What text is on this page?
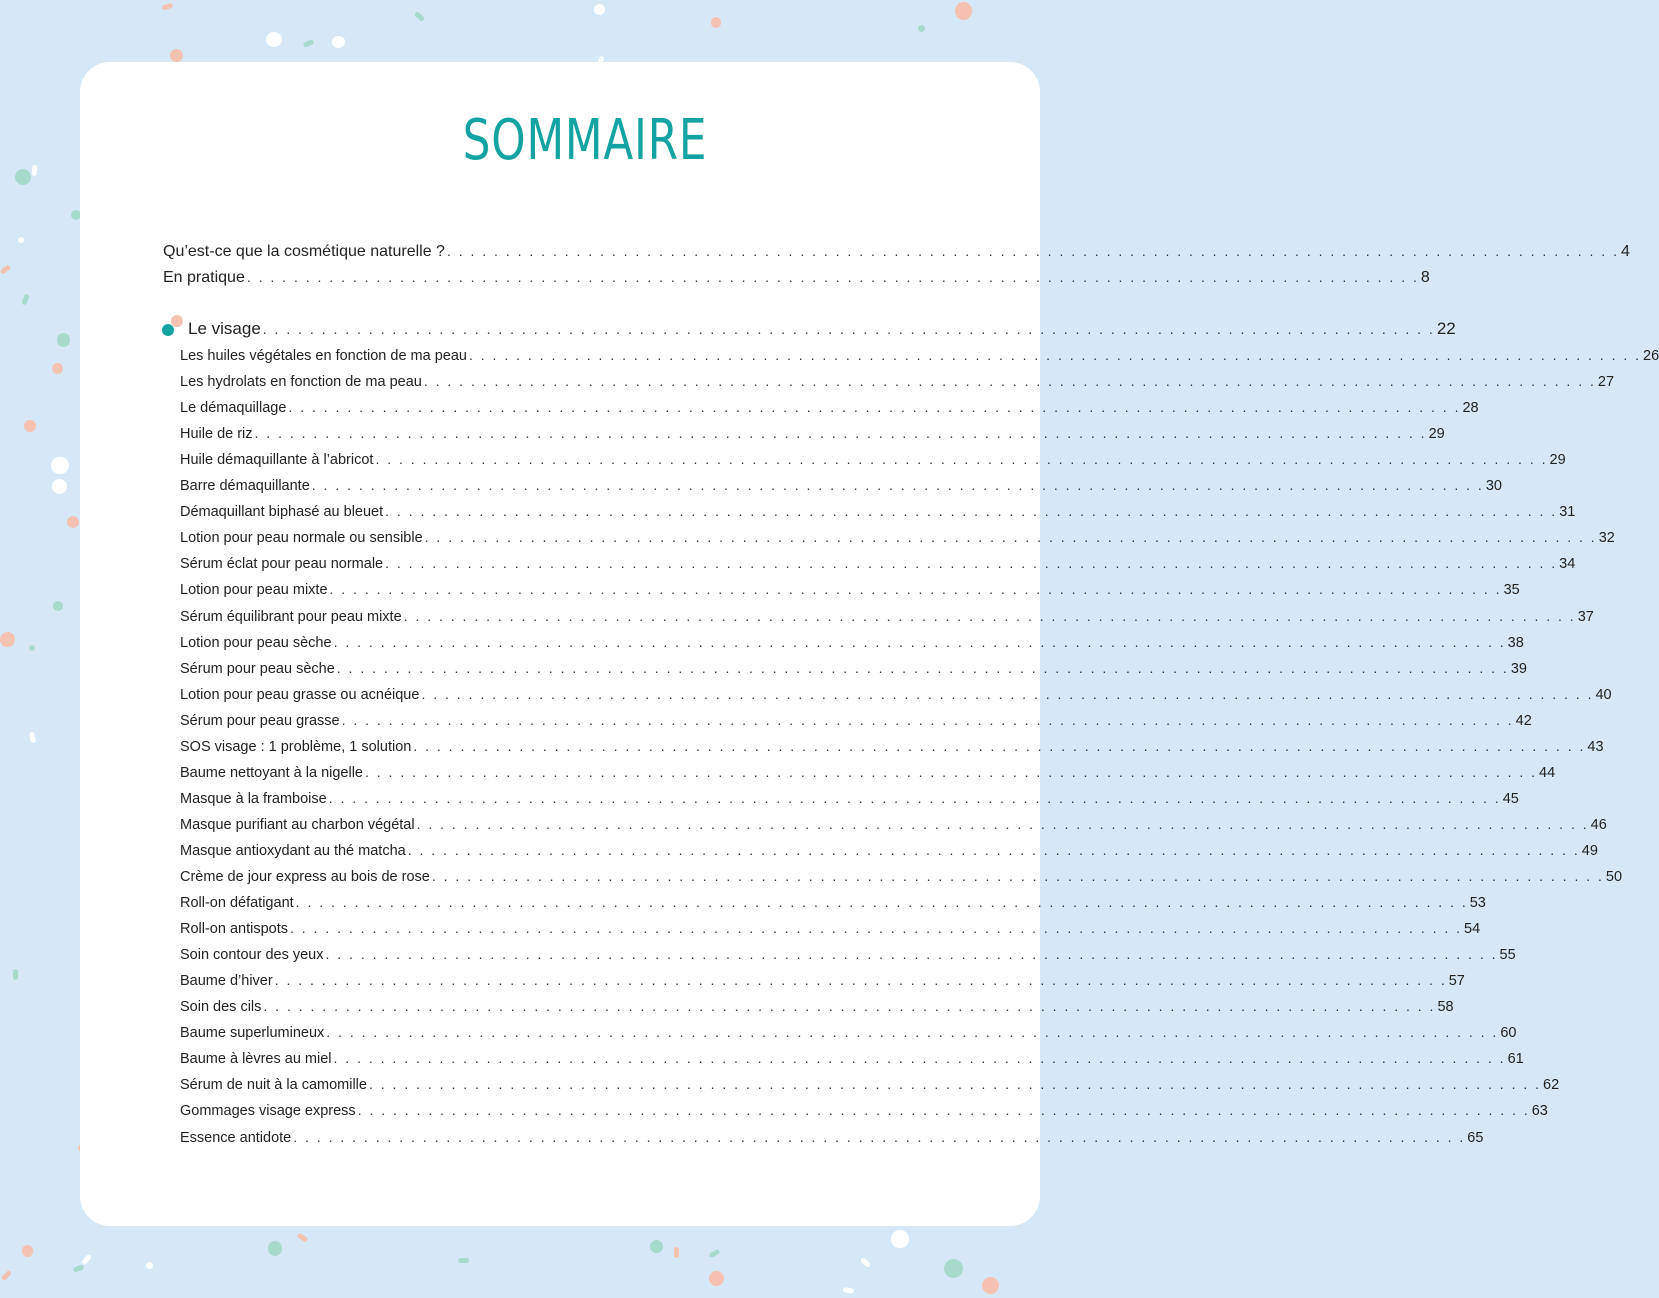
SOMMAIRE
Qu’est-ce que la cosmétique naturelle ? . . . . . . . . . . . . . . . . . . . . . . . . . . . . . . . . . . . . . . . . . . . . . . . . . . . . . . . . . . . . . . . . . . . . . . . . . . . . . . . . . . . . . . . . . . . . . . . . . . . . 4
En pratique . . . . . . . . . . . . . . . . . . . . . . . . . . . . . . . . . . . . . . . . . . . . . . . . . . . . . . . . . . . . . . . . . . . . . . . . . . . . . . . . . . . . . . . . . . . . . . . . . . . . 8
Le visage . . . . . . . . . . . . . . . . . . . . . . . . . . . . . . . . . . . . . . . . . . . . . . . . . . . . . . . . . . . . . . . . . . . . . . . . . . . . . . . . . . . . . . . . . . . . . . . . . . . . 22
Les huiles végétales en fonction de ma peau . . . . . . . . . . . . . . . . . . . . . . . . . . . . . . . . . . . . . . . . . . . . . . . . . . . . . . . . . . . . . . . . . . . . . . . . . . . . . . . . . . . . . . . . . . . . . . . . . . . . 26
Les hydrolats en fonction de ma peau . . . . . . . . . . . . . . . . . . . . . . . . . . . . . . . . . . . . . . . . . . . . . . . . . . . . . . . . . . . . . . . . . . . . . . . . . . . . . . . . . . . . . . . . . . . . . . . . . . . . 27
Le démaquillage . . . . . . . . . . . . . . . . . . . . . . . . . . . . . . . . . . . . . . . . . . . . . . . . . . . . . . . . . . . . . . . . . . . . . . . . . . . . . . . . . . . . . . . . . . . . . . . . . . . . 28
Huile de riz . . . . . . . . . . . . . . . . . . . . . . . . . . . . . . . . . . . . . . . . . . . . . . . . . . . . . . . . . . . . . . . . . . . . . . . . . . . . . . . . . . . . . . . . . . . . . . . . . . . . 29
Huile démaquillante à l’abricot . . . . . . . . . . . . . . . . . . . . . . . . . . . . . . . . . . . . . . . . . . . . . . . . . . . . . . . . . . . . . . . . . . . . . . . . . . . . . . . . . . . . . . . . . . . . . . . . . . . . 29
Barre démaquillante . . . . . . . . . . . . . . . . . . . . . . . . . . . . . . . . . . . . . . . . . . . . . . . . . . . . . . . . . . . . . . . . . . . . . . . . . . . . . . . . . . . . . . . . . . . . . . . . . . . . 30
Démaquillant biphasé au bleuet . . . . . . . . . . . . . . . . . . . . . . . . . . . . . . . . . . . . . . . . . . . . . . . . . . . . . . . . . . . . . . . . . . . . . . . . . . . . . . . . . . . . . . . . . . . . . . . . . . . . 31
Lotion pour peau normale ou sensible . . . . . . . . . . . . . . . . . . . . . . . . . . . . . . . . . . . . . . . . . . . . . . . . . . . . . . . . . . . . . . . . . . . . . . . . . . . . . . . . . . . . . . . . . . . . . . . . . . . . 32
Sérum éclat pour peau normale . . . . . . . . . . . . . . . . . . . . . . . . . . . . . . . . . . . . . . . . . . . . . . . . . . . . . . . . . . . . . . . . . . . . . . . . . . . . . . . . . . . . . . . . . . . . . . . . . . . . 34
Lotion pour peau mixte . . . . . . . . . . . . . . . . . . . . . . . . . . . . . . . . . . . . . . . . . . . . . . . . . . . . . . . . . . . . . . . . . . . . . . . . . . . . . . . . . . . . . . . . . . . . . . . . . . . . 35
Sérum équilibrant pour peau mixte . . . . . . . . . . . . . . . . . . . . . . . . . . . . . . . . . . . . . . . . . . . . . . . . . . . . . . . . . . . . . . . . . . . . . . . . . . . . . . . . . . . . . . . . . . . . . . . . . . . . 37
Lotion pour peau sèche . . . . . . . . . . . . . . . . . . . . . . . . . . . . . . . . . . . . . . . . . . . . . . . . . . . . . . . . . . . . . . . . . . . . . . . . . . . . . . . . . . . . . . . . . . . . . . . . . . . . 38
Sérum pour peau sèche . . . . . . . . . . . . . . . . . . . . . . . . . . . . . . . . . . . . . . . . . . . . . . . . . . . . . . . . . . . . . . . . . . . . . . . . . . . . . . . . . . . . . . . . . . . . . . . . . . . . 39
Lotion pour peau grasse ou acnéique . . . . . . . . . . . . . . . . . . . . . . . . . . . . . . . . . . . . . . . . . . . . . . . . . . . . . . . . . . . . . . . . . . . . . . . . . . . . . . . . . . . . . . . . . . . . . . . . . . . . 40
Sérum pour peau grasse . . . . . . . . . . . . . . . . . . . . . . . . . . . . . . . . . . . . . . . . . . . . . . . . . . . . . . . . . . . . . . . . . . . . . . . . . . . . . . . . . . . . . . . . . . . . . . . . . . . . 42
SOS visage : 1 problème, 1 solution . . . . . . . . . . . . . . . . . . . . . . . . . . . . . . . . . . . . . . . . . . . . . . . . . . . . . . . . . . . . . . . . . . . . . . . . . . . . . . . . . . . . . . . . . . . . . . . . . . . . 43
Baume nettoyant à la nigelle . . . . . . . . . . . . . . . . . . . . . . . . . . . . . . . . . . . . . . . . . . . . . . . . . . . . . . . . . . . . . . . . . . . . . . . . . . . . . . . . . . . . . . . . . . . . . . . . . . . . 44
Masque à la framboise . . . . . . . . . . . . . . . . . . . . . . . . . . . . . . . . . . . . . . . . . . . . . . . . . . . . . . . . . . . . . . . . . . . . . . . . . . . . . . . . . . . . . . . . . . . . . . . . . . . . 45
Masque purifiant au charbon végétal . . . . . . . . . . . . . . . . . . . . . . . . . . . . . . . . . . . . . . . . . . . . . . . . . . . . . . . . . . . . . . . . . . . . . . . . . . . . . . . . . . . . . . . . . . . . . . . . . . . . 46
Masque antioxydant au thé matcha . . . . . . . . . . . . . . . . . . . . . . . . . . . . . . . . . . . . . . . . . . . . . . . . . . . . . . . . . . . . . . . . . . . . . . . . . . . . . . . . . . . . . . . . . . . . . . . . . . . . 49
Crème de jour express au bois de rose . . . . . . . . . . . . . . . . . . . . . . . . . . . . . . . . . . . . . . . . . . . . . . . . . . . . . . . . . . . . . . . . . . . . . . . . . . . . . . . . . . . . . . . . . . . . . . . . . . . . 50
Roll-on défatigant . . . . . . . . . . . . . . . . . . . . . . . . . . . . . . . . . . . . . . . . . . . . . . . . . . . . . . . . . . . . . . . . . . . . . . . . . . . . . . . . . . . . . . . . . . . . . . . . . . . . 53
Roll-on antispots . . . . . . . . . . . . . . . . . . . . . . . . . . . . . . . . . . . . . . . . . . . . . . . . . . . . . . . . . . . . . . . . . . . . . . . . . . . . . . . . . . . . . . . . . . . . . . . . . . . . 54
Soin contour des yeux . . . . . . . . . . . . . . . . . . . . . . . . . . . . . . . . . . . . . . . . . . . . . . . . . . . . . . . . . . . . . . . . . . . . . . . . . . . . . . . . . . . . . . . . . . . . . . . . . . . . 55
Baume d’hiver . . . . . . . . . . . . . . . . . . . . . . . . . . . . . . . . . . . . . . . . . . . . . . . . . . . . . . . . . . . . . . . . . . . . . . . . . . . . . . . . . . . . . . . . . . . . . . . . . . . . 57
Soin des cils . . . . . . . . . . . . . . . . . . . . . . . . . . . . . . . . . . . . . . . . . . . . . . . . . . . . . . . . . . . . . . . . . . . . . . . . . . . . . . . . . . . . . . . . . . . . . . . . . . . . 58
Baume superlumineux . . . . . . . . . . . . . . . . . . . . . . . . . . . . . . . . . . . . . . . . . . . . . . . . . . . . . . . . . . . . . . . . . . . . . . . . . . . . . . . . . . . . . . . . . . . . . . . . . . . . 60
Baume à lèvres au miel . . . . . . . . . . . . . . . . . . . . . . . . . . . . . . . . . . . . . . . . . . . . . . . . . . . . . . . . . . . . . . . . . . . . . . . . . . . . . . . . . . . . . . . . . . . . . . . . . . . . 61
Sérum de nuit à la camomille . . . . . . . . . . . . . . . . . . . . . . . . . . . . . . . . . . . . . . . . . . . . . . . . . . . . . . . . . . . . . . . . . . . . . . . . . . . . . . . . . . . . . . . . . . . . . . . . . . . . 62
Gommages visage express . . . . . . . . . . . . . . . . . . . . . . . . . . . . . . . . . . . . . . . . . . . . . . . . . . . . . . . . . . . . . . . . . . . . . . . . . . . . . . . . . . . . . . . . . . . . . . . . . . . . 63
Essence antidote . . . . . . . . . . . . . . . . . . . . . . . . . . . . . . . . . . . . . . . . . . . . . . . . . . . . . . . . . . . . . . . . . . . . . . . . . . . . . . . . . . . . . . . . . . . . . . . . . . . . 65
